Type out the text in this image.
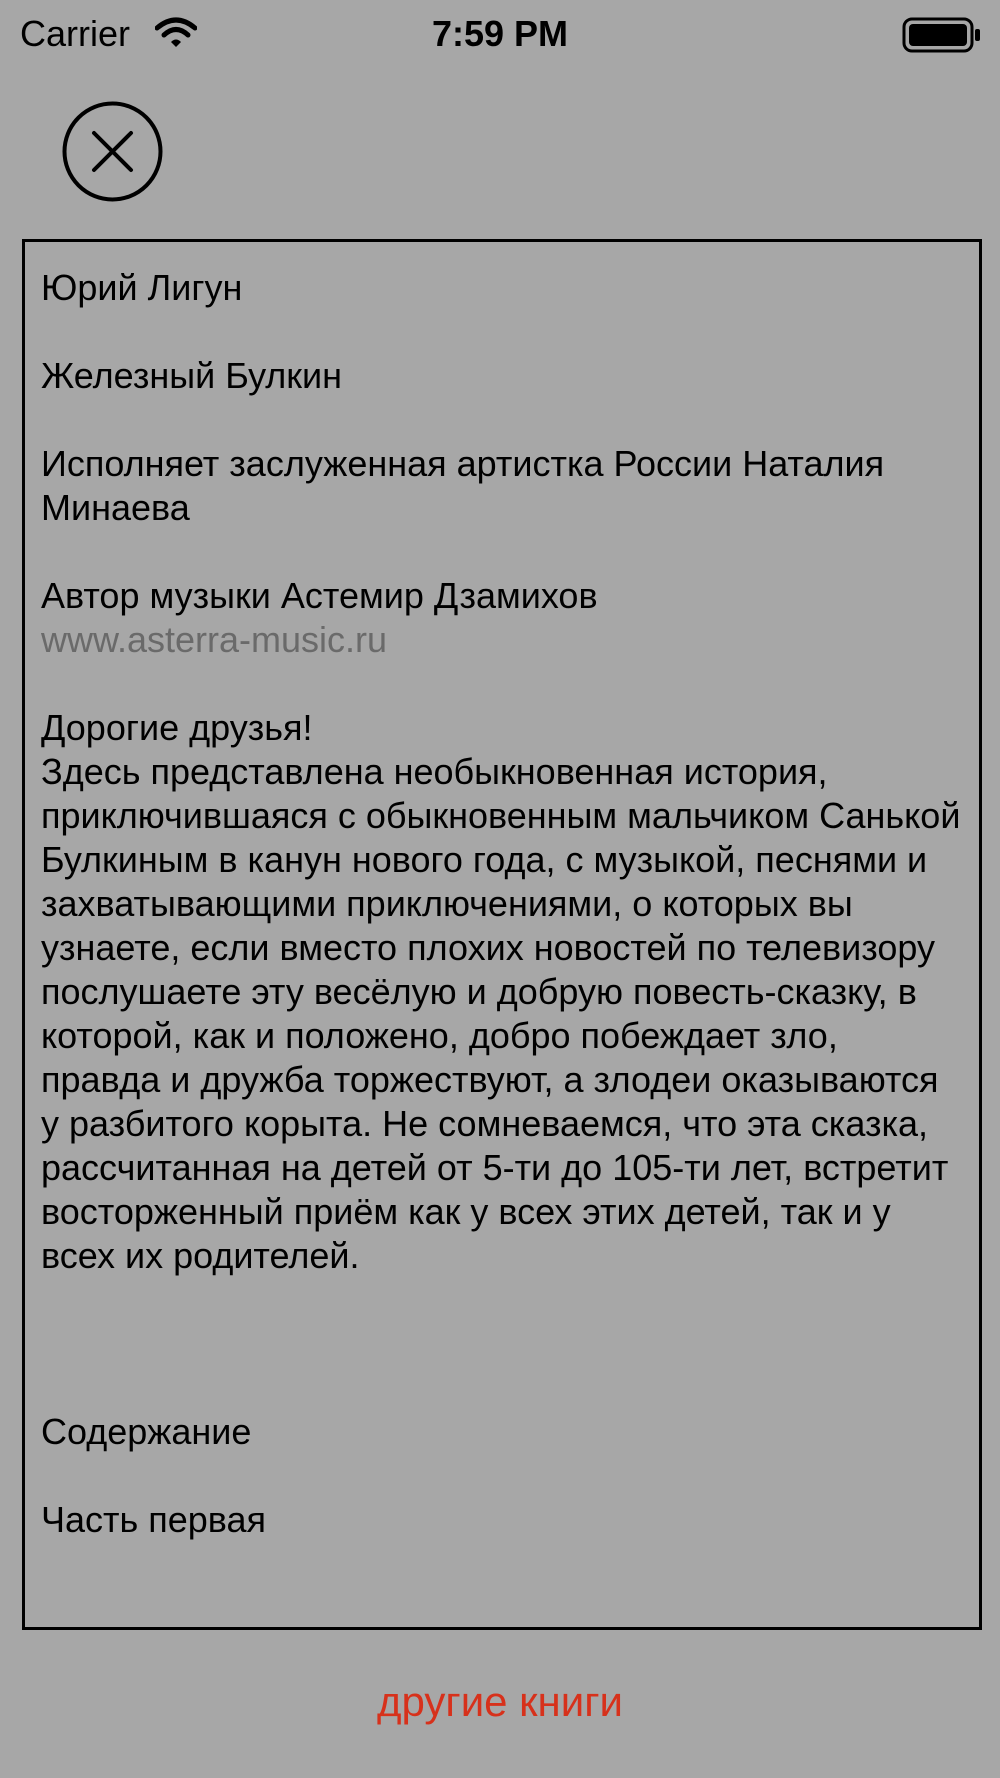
Carrier	7:59 PM

Юрий Лигун

Железный Булкин

Исполняет заслуженная артистка России Наталия Минаева

Автор музыки Астемир Дзамихов

www.asterra-music.ru

Дорогие друзья!

Здесь представлена необыкновенная история, приключившаяся с обыкновенным мальчиком Санькой Булкиным в канун нового года, с музыкой, песнями и захватывающими приключениями, о которых вы узнаете, если вместо плохих новостей по телевизору послушаете эту весёлую и добрую повесть-сказку, в которой, как и положено, добро побеждает зло, правда и дружба торжествуют, а злодеи оказываются у разбитого корыта. Не сомневаемся, что эта сказка, рассчитанная на детей от 5-ти до 105-ти лет, встретит восторженный приём как у всех этих детей, так и у всех их родителей.

Содержание

Часть первая

другие книги
